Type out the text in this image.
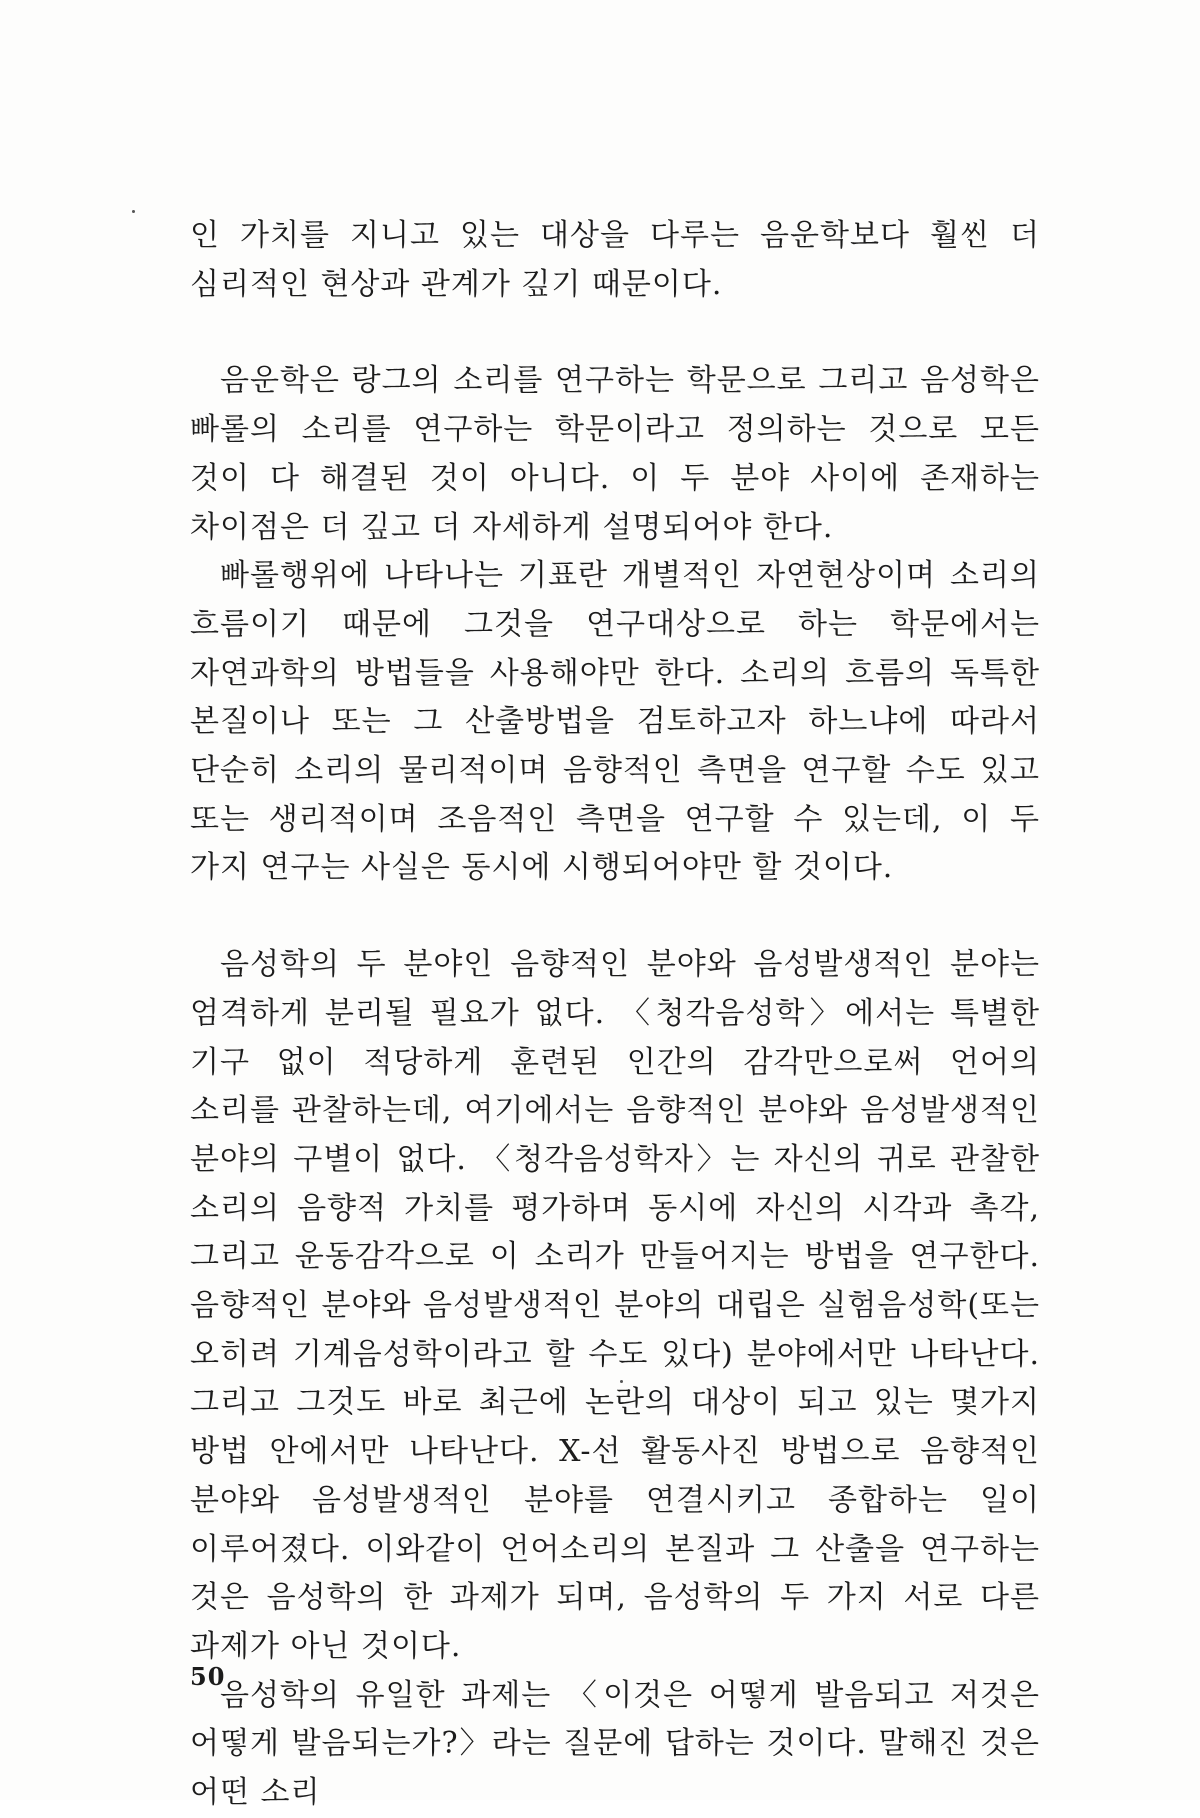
인 가치를 지니고 있는 대상을 다루는 음운학보다 훨씬 더 심리적인 현상과 관계가 깊기 때문이다.

음운학은 랑그의 소리를 연구하는 학문으로 그리고 음성학은 빠롤의 소리를 연구하는 학문이라고 정의하는 것으로 모든 것이 다 해결된 것이 아니다. 이 두 분야 사이에 존재하는 차이점은 더 깊고 더 자세하게 설명되어야 한다.

빠롤행위에 나타나는 기표란 개별적인 자연현상이며 소리의 흐름이기 때문에 그것을 연구대상으로 하는 학문에서는 자연과학의 방법들을 사용해야만 한다. 소리의 흐름의 독특한 본질이나 또는 그 산출방법을 검토하고자 하느냐에 따라서 단순히 소리의 물리적이며 음향적인 측면을 연구할 수도 있고 또는 생리적이며 조음적인 측면을 연구할 수 있는데, 이 두 가지 연구는 사실은 동시에 시행되어야만 할 것이다.

음성학의 두 분야인 음향적인 분야와 음성발생적인 분야는 엄격하게 분리될 필요가 없다. 〈청각음성학〉에서는 특별한 기구 없이 적당하게 훈련된 인간의 감각만으로써 언어의 소리를 관찰하는데, 여기에서는 음향적인 분야와 음성발생적인 분야의 구별이 없다. 〈청각음성학자〉는 자신의 귀로 관찰한 소리의 음향적 가치를 평가하며 동시에 자신의 시각과 촉각, 그리고 운동감각으로 이 소리가 만들어지는 방법을 연구한다. 음향적인 분야와 음성발생적인 분야의 대립은 실험음성학(또는 오히려 기계음성학이라고 할 수도 있다) 분야에서만 나타난다. 그리고 그것도 바로 최근에 논란의 대상이 되고 있는 몇가지 방법 안에서만 나타난다. X-선 활동사진 방법으로 음향적인 분야와 음성발생적인 분야를 연결시키고 종합하는 일이 이루어졌다. 이와같이 언어소리의 본질과 그 산출을 연구하는 것은 음성학의 한 과제가 되며, 음성학의 두 가지 서로 다른 과제가 아닌 것이다.

음성학의 유일한 과제는 〈이것은 어떻게 발음되고 저것은 어떻게 발음되는가?〉라는 질문에 답하는 것이다. 말해진 것은 어떤 소리

50
